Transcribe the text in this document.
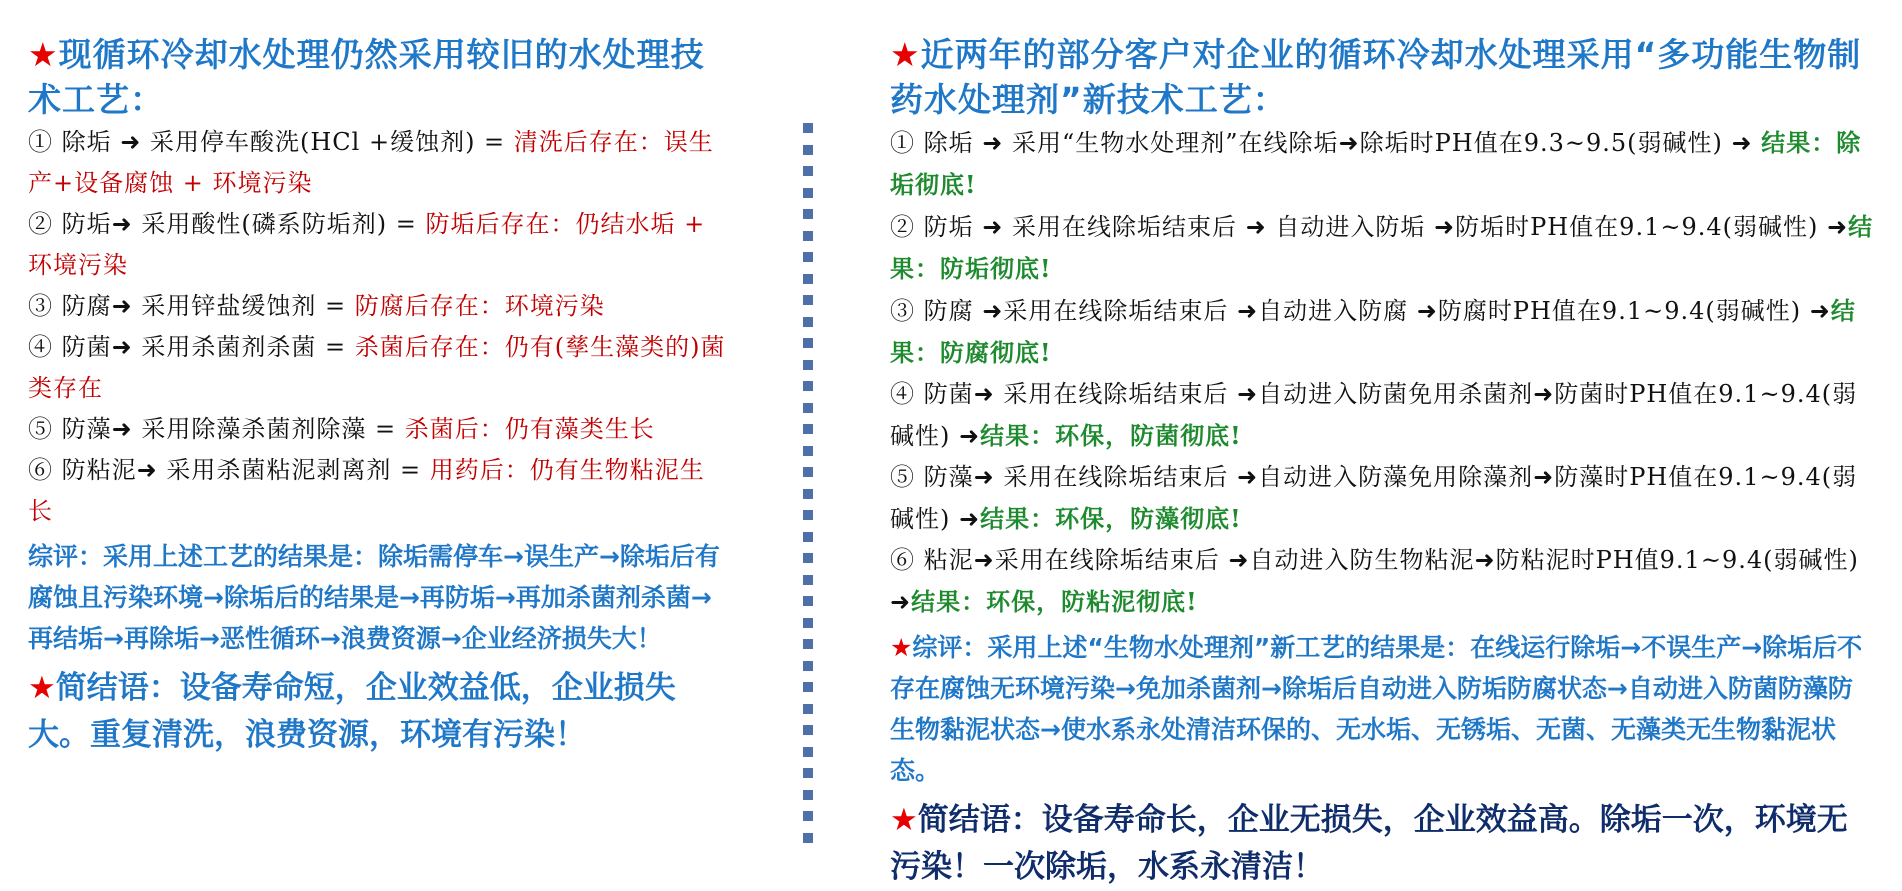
★现循环冷却水处理仍然采用较旧的水处理技术工艺：
① 除垢 ➜ 采用停车酸洗(HCl +缓蚀剂) = 清洗后存在：误生产+设备腐蚀 + 环境污染
② 防垢➜ 采用酸性(磷系防垢剂) = 防垢后存在：仍结水垢 + 环境污染
③ 防腐➜ 采用锌盐缓蚀剂 = 防腐后存在：环境污染
④ 防菌➜ 采用杀菌剂杀菌 = 杀菌后存在：仍有(孳生藻类的)菌类存在
⑤ 防藻➜ 采用除藻杀菌剂除藻 = 杀菌后：仍有藻类生长
⑥ 防粘泥➜ 采用杀菌粘泥剥离剂 = 用药后：仍有生物粘泥生长
综评：采用上述工艺的结果是：除垢需停车→误生产→除垢后有腐蚀且污染环境→除垢后的结果是→再防垢→再加杀菌剂杀菌→再结垢→再除垢→恶性循环→浪费资源→企业经济损失大！
★简结语：设备寿命短，企业效益低，企业损失大。重复清洗，浪费资源，环境有污染！
★近两年的部分客户对企业的循环冷却水处理采用“多功能生物制药水处理剂”新技术工艺：
① 除垢 ➜ 采用“生物水处理剂”在线除垢➜除垢时PH值在9.3~9.5(弱碱性) ➜ 结果：除垢彻底!
② 防垢 ➜ 采用在线除垢结束后 ➜ 自动进入防垢 ➜防垢时PH值在9.1~9.4(弱碱性) ➜结果：防垢彻底!
③ 防腐 ➜采用在线除垢结束后 ➜自动进入防腐 ➜防腐时PH值在9.1~9.4(弱碱性) ➜结果：防腐彻底!
④ 防菌➜ 采用在线除垢结束后 ➜自动进入防菌免用杀菌剂➜防菌时PH值在9.1~9.4(弱碱性) ➜结果：环保，防菌彻底!
⑤ 防藻➜ 采用在线除垢结束后 ➜自动进入防藻免用除藻剂➜防藻时PH值在9.1~9.4(弱碱性) ➜结果：环保，防藻彻底!
⑥ 粘泥➜采用在线除垢结束后 ➜自动进入防生物粘泥➜防粘泥时PH值9.1~9.4(弱碱性) ➜结果：环保，防粘泥彻底!
★综评：采用上述“生物水处理剂”新工艺的结果是：在线运行除垢→不误生产→除垢后不存在腐蚀无环境污染→免加杀菌剂→除垢后自动进入防垢防腐状态→自动进入防菌防藻防生物黏泥状态→使水系永处清洁环保的、无水垢、无锈垢、无菌、无藻类无生物黏泥状态。
★简结语：设备寿命长，企业无损失，企业效益高。除垢一次，环境无污染！一次除垢，水系永清洁！
